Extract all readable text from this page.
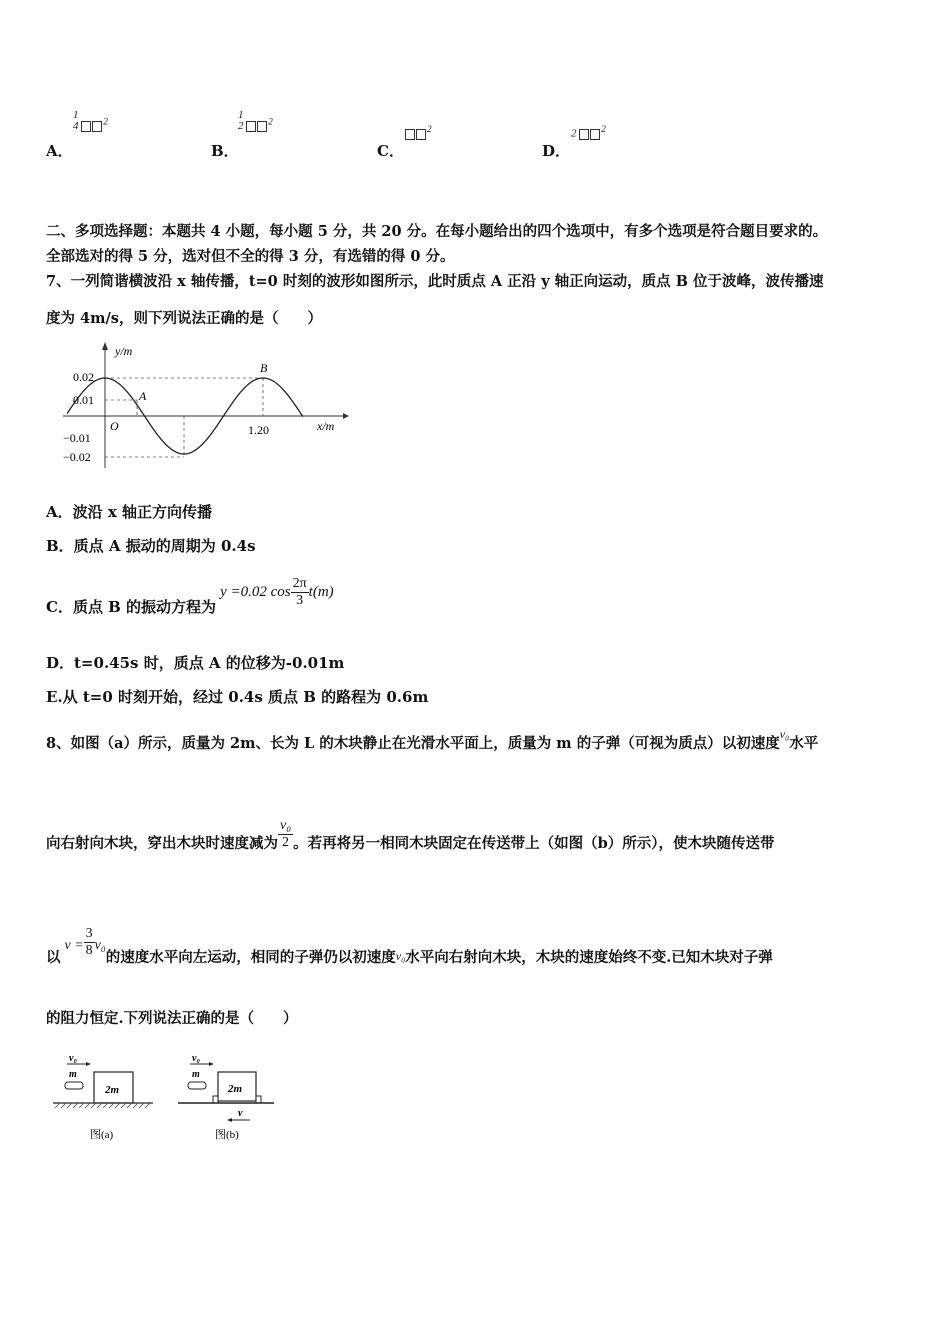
A．
1
4	$^2$
B．
1
2	$^2$
C．
$^2$
D．
2	$^2$
二、多项选择题：本题共 4 小题，每小题 5 分，共 20 分。在每小题给出的四个选项中，有多个选项是符合题目要求的。
全部选对的得 5 分，选对但不全的得 3 分，有选错的得 0 分。
7、一列简谐横波沿 x 轴传播，t=0 时刻的波形如图所示，此时质点 A 正沿 y 轴正向运动，质点 B 位于波峰，波传播速
度为 4m/s，则下列说法正确的是（　　）
y/m
x/m
O
A
B
0.02
0.01
−0.01
−0.02
1.20
A．波沿 x 轴正方向传播
B．质点 A 振动的周期为 0.4s
C．质点 B 的振动方程为
y =0.02 $\cos \frac{2\pi}{3} t(m)$
D．t=0.45s 时，质点 A 的位移为-0.01m
E.从 t=0 时刻开始，经过 0.4s 质点 B 的路程为 0.6m
8、如图（a）所示，质量为 2m、长为 L 的木块静止在光滑水平面上，质量为 m 的子弹（可视为质点）以初速度$^{v_0}$水平
向右射向木块，穿出木块时速度减为 $\frac{\text{v₀}}{2}$ 。若再将另一相同木块固定在传送带上（如图（b）所示），使木块随传送带
以
$v = \frac{3}{8} v_0$
的速度水平向左运动，相同的子弹仍以初速度 v₀ 水平向右射向木块，木块的速度始终不变.已知木块对子弹
的阻力恒定.下列说法正确的是（　　）
v₀
m
2m
图(a)
v₀
m
2m
v
图(b)
